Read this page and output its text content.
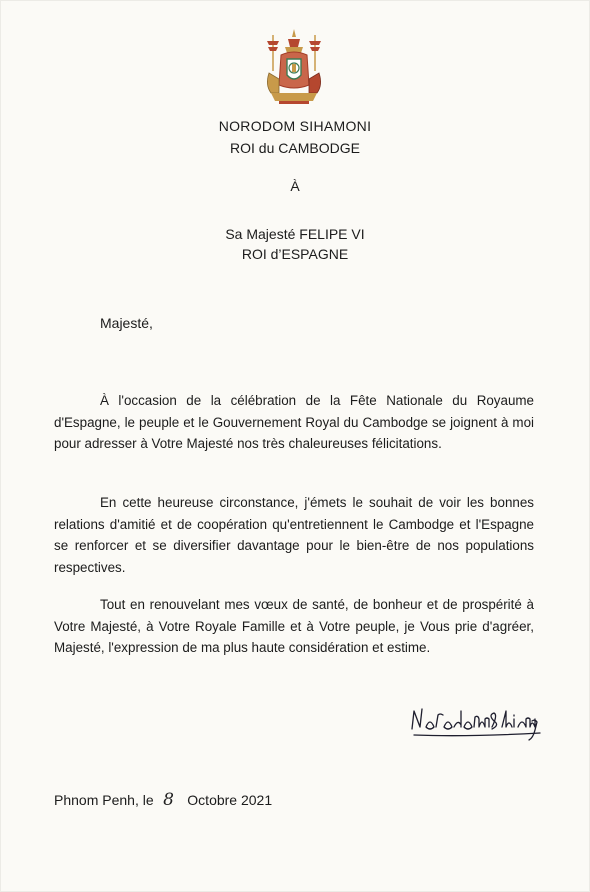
NORODOM SIHAMONI
ROI du CAMBODGE
À
Sa Majesté FELIPE VI
ROI d’ESPAGNE
Majesté,

À l'occasion de la célébration de la Fête Nationale du Royaume d'Espagne, le peuple et le Gouvernement Royal du Cambodge se joignent à moi pour adresser à Votre Majesté nos très chaleureuses félicitations.

En cette heureuse circonstance, j'émets le souhait de voir les bonnes relations d'amitié et de coopération qu'entretiennent le Cambodge et l'Espagne se renforcer et se diversifier davantage pour le bien-être de nos populations respectives.

Tout en renouvelant mes vœux de santé, de bonheur et de prospérité à Votre Majesté, à Votre Royale Famille et à Votre peuple, je Vous prie d'agréer, Majesté, l'expression de ma plus haute considération et estime.

Phnom Penh, le 8 Octobre 2021
